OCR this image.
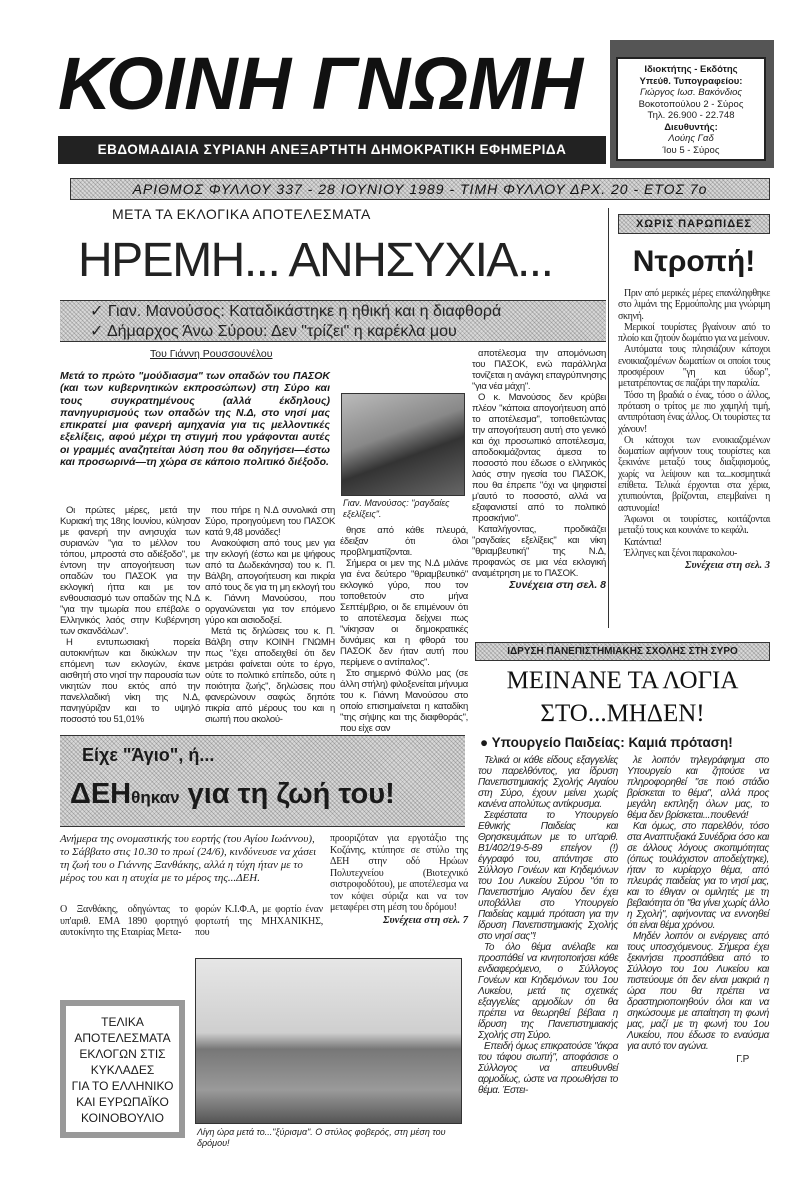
ΚΟΙΝΗ ΓΝΩΜΗ	Ιδιοκτήτης - Εκδότης
Υπεύθ. Τυπογραφείου:
Γιώργος Ιωσ. Βακόνδιος
Βοκοτοπούλου 2 - Σύρος
Τηλ. 26.900 - 22.748
Διευθυντής:
Λούης Γαδ
Ίου 5 - Σύρος
ΕΒΔΟΜΑΔΙΑΙΑ ΣΥΡΙΑΝΗ ΑΝΕΞΑΡΤΗΤΗ ΔΗΜΟΚΡΑΤΙΚΗ ΕΦΗΜΕΡΙΔΑ
ΑΡΙΘΜΟΣ ΦΥΛΛΟΥ 337 - 28 ΙΟΥΝΙΟΥ 1989 - ΤΙΜΗ ΦΥΛΛΟΥ ΔΡΧ. 20 - ΕΤΟΣ 7ο
ΜΕΤΑ ΤΑ ΕΚΛΟΓΙΚΑ ΑΠΟΤΕΛΕΣΜΑΤΑ
ΗΡΕΜΗ... ΑΝΗΣΥΧΙΑ...
✓ Γιαν. Μανούσος: Καταδικάστηκε η ηθική και η διαφθορά
✓ Δήμαρχος Άνω Σύρου: Δεν "τρίζει" η καρέκλα μου
Του Γιάννη Ρουσσουνέλου
Μετά το πρώτο "μούδιασμα" των οπαδών του ΠΑΣΟΚ (και των κυβερνητικών εκπροσώπων) στη Σύρο και τους συγκρατημένους (αλλά έκδηλους) πανηγυρισμούς των οπαδών της Ν.Δ, στο νησί μας επικρατεί μια φανερή αμηχανία για τις μελλοντικές εξελίξεις, αφού μέχρι τη στιγμή που γράφονται αυτές οι γραμμές αναζητείται λύση που θα οδηγήσει—έστω και προσωρινά—τη χώρα σε κάποιο πολιτικό διέξοδο.

Οι πρώτες μέρες, μετά την Κυριακή της 18ης Ιουνίου, κύλησαν με φανερή την ανησυχία των συριανών "για το μέλλον του τόπου, μπροστά στο αδιέξοδο", με έντονη την απογοήτευση των οπαδών του ΠΑΣΟΚ για την εκλογική ήττα και με τον ενθουσιασμό των οπαδών της Ν.Δ "για την τιμωρία που επέβαλε ο Ελληνικός λαός στην Κυβέρνηση των σκανδάλων".

Η εντυπωσιακή πορεία αυτοκινήτων και δικύκλων την επόμενη των εκλογών, έκανε αισθητή στο νησί την παρουσία των νικητών που εκτός από την πανελλαδική νίκη της Ν.Δ, πανηγύριζαν και το υψηλό ποσοστό του 51,01%

που πήρε η Ν.Δ συνολικά στη Σύρο, προηγούμενη του ΠΑΣΟΚ κατά 9,48 μονάδες!

Ανακούφιση από τους μεν για την εκλογή (έστω και με ψήφους από τα Δωδεκάνησα) του κ. Π. Βάλβη, απογοήτευση και πικρία από τους δε για τη μη εκλογή του κ. Γιάννη Μανούσου, που οργανώνεται για τον επόμενο γύρο και αισιοδοξεί.

Μετά τις δηλώσεις του κ. Π. Βάλβη στην ΚΟΙΝΗ ΓΝΩΜΗ πως "έχει αποδειχθεί ότι δεν μετράει φαίνεται ούτε το έργο, ούτε το πολιτικό επίπεδο, ούτε η ποιότητα ζωής", δηλώσεις που φανερώνουν σαφώς δηπότε πικρία από μέρους του και η σιωπή που ακολού-

Γιαν. Μανούσος: "ραγδαίες εξελίξεις".

θησε από κάθε πλευρά, έδειξαν ότι όλοι προβληματίζονται.

Σήμερα οι μεν της Ν.Δ μιλάνε για ένα δεύτερο "θριαμβευτικό" εκλογικό γύρο, που τον τοποθετούν στο μήνα Σεπτέμβριο, οι δε επιμένουν ότι το αποτέλεσμα δείχνει πως "νίκησαν οι δημοκρατικές δυνάμεις και η φθορά του ΠΑΣΟΚ δεν ήταν αυτή που περίμενε ο αντίπαλος".

Στο σημερινό Φύλλο μας (σε άλλη στήλη) φιλοξενείται μήνυμα του κ. Γιάννη Μανούσου στο οποίο επισημαίνεται η καταδίκη "της σήψης και της διαφθοράς", που είχε σαν

αποτέλεσμα την απομόνωση του ΠΑΣΟΚ, ενώ παράλληλα τονίζεται η ανάγκη επαγρύπνησης "για νέα μάχη".

Ο κ. Μανούσος δεν κρύβει πλέον "κάποια απογοήτευση από το αποτέλεσμα", τοποθετώντας την απογοήτευση αυτή στο γενικό και όχι προσωπικό αποτέλεσμα, αποδοκιμάζοντας άμεσα το ποσοστό που έδωσε ο ελληνικός λαός στην ηγεσία του ΠΑΣΟΚ, που θα έπρεπε "όχι να ψηφιστεί μ'αυτό το ποσοστό, αλλά να εξαφανιστεί από το πολιτικό προσκήνιο".

Καταλήγοντας, προδικάζει "ραγδαίες εξελίξεις" και νίκη "θριαμβευτική" της Ν.Δ, προφανώς σε μια νέα εκλογική αναμέτρηση με το ΠΑΣΟΚ.

Συνέχεια στη σελ. 8
ΧΩΡΙΣ ΠΑΡΩΠΙΔΕΣ
Ντροπή!

Πριν από μερικές μέρες επανάληφθηκε στο λιμάνι της Ερμούπολης μια γνώριμη σκηνή.

Μερικοί τουρίστες βγαίνουν από το πλοίο και ζητούν δωμάτιο για να μείνουν.

Αυτόματα τους πλησιάζουν κάτοχοι ενοικιαζομένων δωματίων οι οποίοι τους προσφέρουν "γη και ύδωρ", μετατρέποντας σε παζάρι την παραλία.

Τόσο τη βραδιά ο ένας, τόσο ο άλλος, πρόταση ο τρίτος με πιο χαμηλή τιμή, αντιπρόταση ένας άλλος. Οι τουρίστες τα χάνουν!

Οι κάτοχοι των ενοικιαζομένων δωματίων αφήνουν τους τουρίστες και ξεκινάνε μεταξύ τους διαξιφισμούς, χωρίς να λείψουν και τα...κοσμητικά επίθετα. Τελικά έρχονται στα χέρια, χτυπιούνται, βρίζονται, επεμβαίνει η αστυνομία!

Άφωνοι οι τουρίστες, κοιτάζονται μεταξύ τους και κουνάνε το κεφάλι.

Κατάντια!

Έλληνες και ξένοι παρακολου-

Συνέχεια στη σελ. 3
ΙΔΡΥΣΗ ΠΑΝΕΠΙΣΤΗΜΙΑΚΗΣ ΣΧΟΛΗΣ ΣΤΗ ΣΥΡΟ
ΜΕΙΝΑΝΕ ΤΑ ΛΟΓΙΑ
ΣΤΟ...ΜΗΔΕΝ!
● Υπουργείο Παιδείας: Καμιά πρόταση!

Τελικά οι κάθε είδους εξαγγελίες του παρελθόντος, για ίδρυση Πανεπιστημιακής Σχολής Αιγαίου στη Σύρο, έχουν μείνει χωρίς κανένα απολύτως αντίκρυσμα.

Σεφέστατα το Υπουργείο Εθνικής Παιδείας και Θρησκευμάτων με το υπ'αριθ. Β1/402/19-5-89 επείγον (!) έγγραφό του, απάντησε στο Σύλλογο Γονέων και Κηδεμόνων του 1ου Λυκείου Σύρου "ότι το Πανεπιστήμιο Αιγαίου δεν έχει υποβάλλει στο Υπουργείο Παιδείας καμμιά πρόταση για την ίδρυση Πανεπιστημιακής Σχολής στο νησί σας"!

Το όλο θέμα ανέλαβε και προσπάθεί να κινητοποιήσει κάθε ενδιαφερόμενο, ο Σύλλογος Γονέων και Κηδεμόνων του 1ου Λυκείου, μετά τις σχετικές εξαγγελίες αρμοδίων ότι θα πρέπει να θεωρηθεί βέβαια η ίδρυση της Πανεπιστημιακής Σχολής στη Σύρο.

Επειδή όμως επικρατούσε "άκρα του τάφου σιωπή", αποφάσισε ο Σύλλογος να απευθυνθεί αρμοδίως, ώστε να προωθήσει το θέμα. Έστει-

λε λοιπόν τηλεγράφημα στο Υπουργείο και ζητούσε να πληροφορηθεί "σε ποιό στάδιο βρίσκεται το θέμα", αλλά προς μεγάλη εκπληξη όλων μας, το θέμα δεν βρίσκεται...πουθενά!

Και όμως, στο παρελθόν, τόσο στα Αναπτυξιακά Συνέδρια όσο και σε άλλους λόγους σκοπιμότητας (όπως τουλάχιστον αποδείχτηκε), ήταν το κυρίαρχο θέμα, από πλευράς παιδείας για το νησί μας, και το έθιγαν οι ομιλητές με τη βεβαιότητα ότι "θα γίνει χωρίς άλλο η Σχολή", αφήνοντας να εννοηθεί ότι είναι θέμα χρόνου.

Μηδέν λοιπόν οι ενέργειες από τους υποσχόμενους. Σήμερα έχει ξεκινήσει προσπάθεια από το Σύλλογο του 1ου Λυκείου και πιστεύουμε ότι δεν είναι μακριά η ώρα που θα πρέπει να δραστηριοποιηθούν όλοι και να σηκώσουμε με απαίτηση τη φωνή μας, μαζί με τη φωνή του 1ου Λυκείου, που έδωσε το εναύσμα για αυτό τον αγώνα.

Γ.Ρ
Είχε "Άγιο", ή...
ΔΕΗθηκαν για τη ζωή του!
Ανήμερα της ονομαστικής του εορτής (του Αγίου Ιωάννου), το Σάββατο στις 10.30 το πρωί (24/6), κινδύνευσε να χάσει τη ζωή του ο Γιάννης Ξανθάκης, αλλά η τύχη ήταν με το μέρος του και η ατυχία με το μέρος της...ΔΕΗ.
Ο Ξανθάκης, οδηγώντας το υπ'αριθ. ΕΜΑ 1890 φορτηγό αυτοκίνητο της Εταιρίας Μετα-
φορών Κ.Ι.Φ.Α, με φορτίο έναν φορτωτή της ΜΗΧΑΝΙΚΗΣ, που
προοριζόταν για εργοτάξιο της Κοζάνης, κτύπησε σε στύλο της ΔΕΗ στην οδό Ηρώων Πολυτεχνείου (Βιοτεχνικό σιστροφοδότου), με αποτέλεσμα να τον κόψει σύριζα και να τον μεταφέρει στη μέση του δρόμου!
Συνέχεια στη σελ. 7
Λίγη ώρα μετά το..."ξύρισμα". Ο στύλος φοβερός, στη μέση του δρόμου!
ΤΕΛΙΚΑ
ΑΠΟΤΕΛΕΣΜΑΤΑ
ΕΚΛΟΓΩΝ ΣΤΙΣ
ΚΥΚΛΑΔΕΣ
ΓΙΑ ΤΟ ΕΛΛΗΝΙΚΟ
ΚΑΙ ΕΥΡΩΠΑΪΚΟ
ΚΟΙΝΟΒΟΥΛΙΟ
